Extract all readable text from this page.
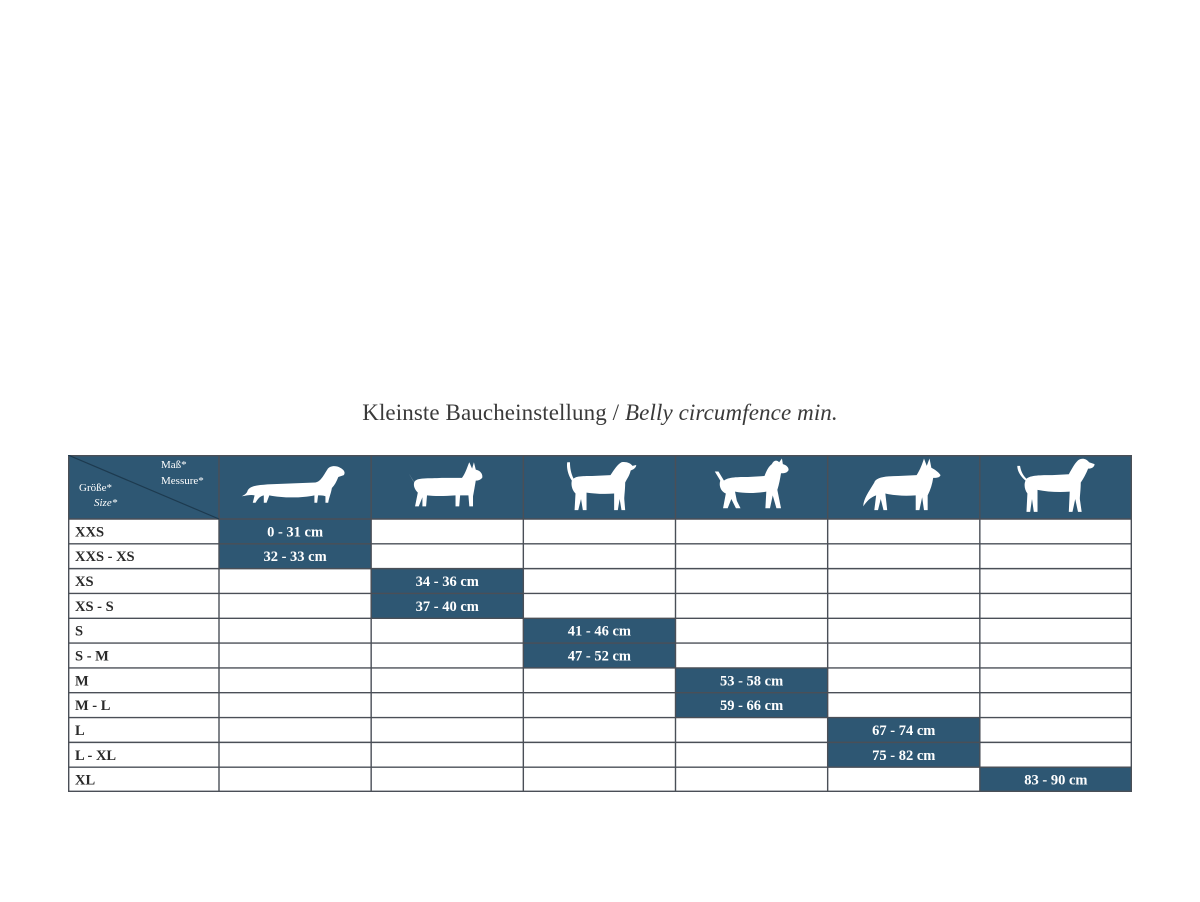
Kleinste Baucheinstellung / Belly circumfence min.
Maß*
Messure*
Größe*
Size*
XXS
XXS - XS
XS
XS - S
S
S - M
M
M - L
L
L - XL
XL
0 - 31 cm
32 - 33 cm
34 - 36 cm
37 - 40 cm
41 - 46 cm
47 - 52 cm
53 - 58 cm
59 - 66 cm
67 - 74 cm
75 - 82 cm
83 - 90 cm
